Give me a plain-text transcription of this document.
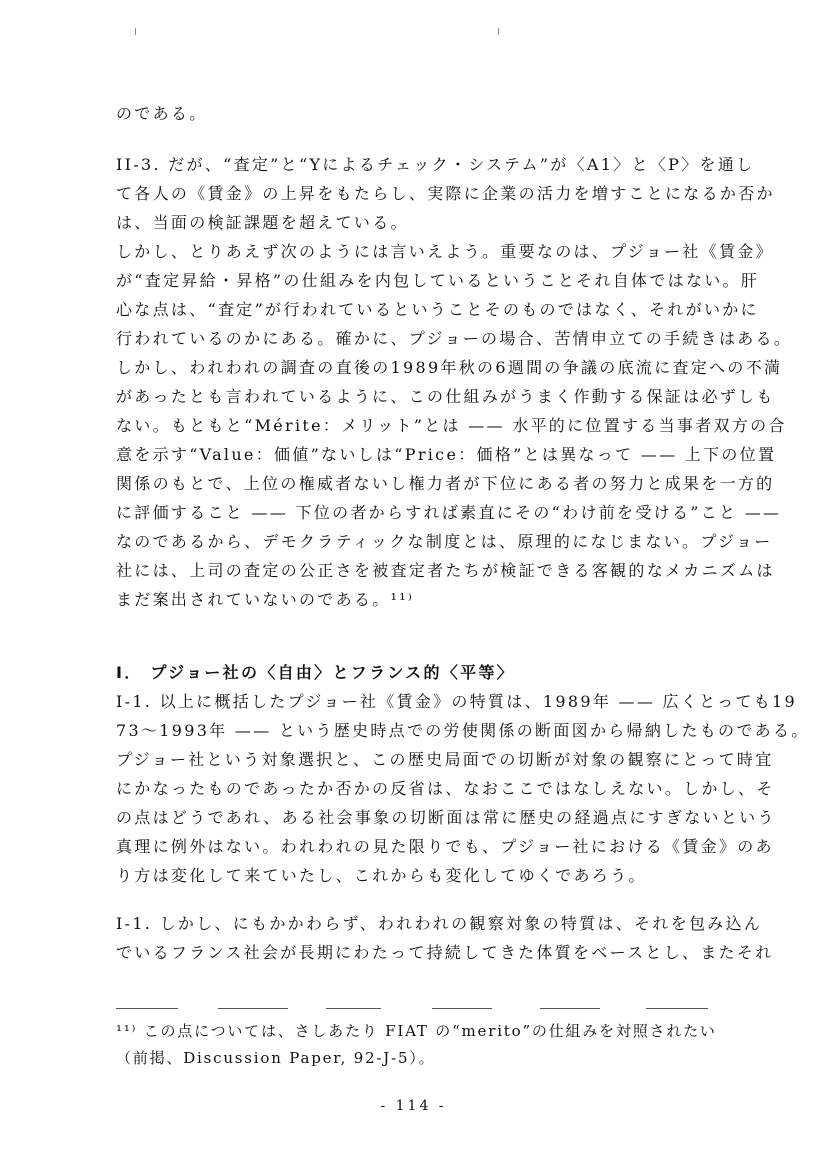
のである。
II-3. だが、“査定”と“Yによるチェック・システム”が〈A1〉と〈P〉を通し
て各人の《賃金》の上昇をもたらし、実際に企業の活力を増すことになるか否か
は、当面の検証課題を超えている。
しかし、とりあえず次のようには言いえよう。重要なのは、プジョー社《賃金》
が“査定昇給・昇格”の仕組みを内包しているということそれ自体ではない。肝
心な点は、“査定”が行われているということそのものではなく、それがいかに
行われているのかにある。確かに、プジョーの場合、苦情申立ての手続きはある。
しかし、われわれの調査の直後の1989年秋の6週間の争議の底流に査定への不満
があったとも言われているように、この仕組みがうまく作動する保証は必ずしも
ない。もともと“Mérite：メリット”とは —— 水平的に位置する当事者双方の合
意を示す“Value：価値”ないしは“Price：価格”とは異なって —— 上下の位置
関係のもとで、上位の権威者ないし権力者が下位にある者の努力と成果を一方的
に評価すること —— 下位の者からすれば素直にその“わけ前を受ける”こと ——
なのであるから、デモクラティックな制度とは、原理的になじまない。プジョー
社には、上司の査定の公正さを被査定者たちが検証できる客観的なメカニズムは
まだ案出されていないのである。¹¹⁾
I． プジョー社の〈自由〉とフランス的〈平等〉
I-1. 以上に概括したプジョー社《賃金》の特質は、1989年 —— 広くとっても19
73～1993年 —— という歴史時点での労使関係の断面図から帰納したものである。
プジョー社という対象選択と、この歴史局面での切断が対象の観察にとって時宜
にかなったものであったか否かの反省は、なおここではなしえない。しかし、そ
の点はどうであれ、ある社会事象の切断面は常に歴史の経過点にすぎないという
真理に例外はない。われわれの見た限りでも、プジョー社における《賃金》のあ
り方は変化して来ていたし、これからも変化してゆくであろう。
I-1. しかし、にもかかわらず、われわれの観察対象の特質は、それを包み込ん
でいるフランス社会が長期にわたって持続してきた体質をベースとし、またそれ
¹¹⁾ この点については、さしあたり FIAT の“merito”の仕組みを対照されたい
（前掲、Discussion Paper, 92-J-5）。
- 114 -
